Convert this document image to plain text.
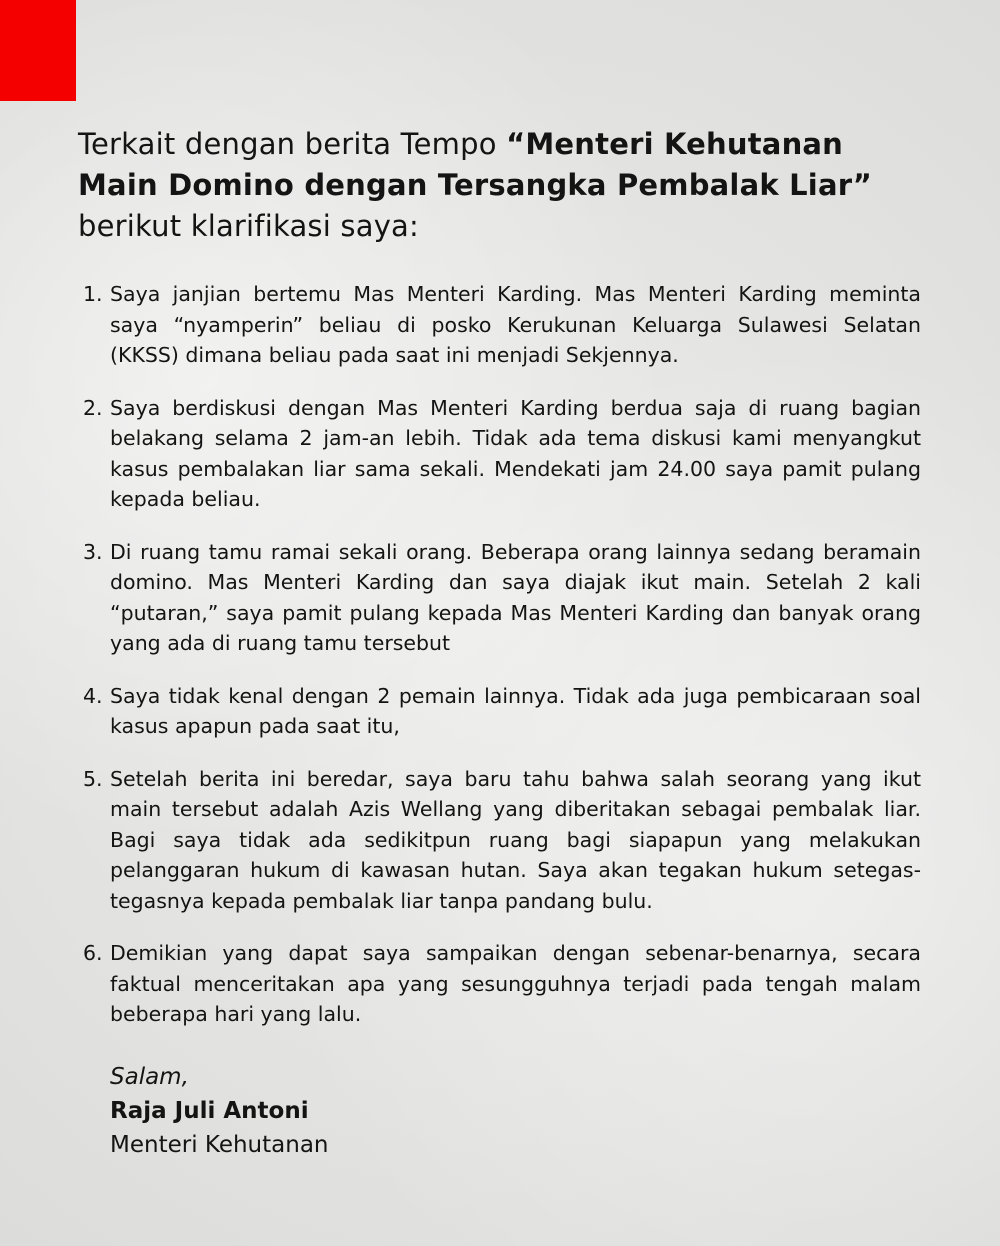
Terkait dengan berita Tempo “Menteri Kehutanan Main Domino dengan Tersangka Pembalak Liar” berikut klarifikasi saya:

1. Saya janjian bertemu Mas Menteri Karding. Mas Menteri Karding meminta saya “nyamperin” beliau di posko Kerukunan Keluarga Sulawesi Selatan (KKSS) dimana beliau pada saat ini menjadi Sekjennya.
2. Saya berdiskusi dengan Mas Menteri Karding berdua saja di ruang bagian belakang selama 2 jam-an lebih. Tidak ada tema diskusi kami menyangkut kasus pembalakan liar sama sekali. Mendekati jam 24.00 saya pamit pulang kepada beliau.
3. Di ruang tamu ramai sekali orang. Beberapa orang lainnya sedang beramain domino. Mas Menteri Karding dan saya diajak ikut main. Setelah 2 kali “putaran,” saya pamit pulang kepada Mas Menteri Karding dan banyak orang yang ada di ruang tamu tersebut
4. Saya tidak kenal dengan 2 pemain lainnya. Tidak ada juga pembicaraan soal kasus apapun pada saat itu,
5. Setelah berita ini beredar, saya baru tahu bahwa salah seorang yang ikut main tersebut adalah Azis Wellang yang diberitakan sebagai pembalak liar. Bagi saya tidak ada sedikitpun ruang bagi siapapun yang melakukan pelanggaran hukum di kawasan hutan. Saya akan tegakan hukum setegas-tegasnya kepada pembalak liar tanpa pandang bulu.
6. Demikian yang dapat saya sampaikan dengan sebenar-benarnya, secara faktual menceritakan apa yang sesungguhnya terjadi pada tengah malam beberapa hari yang lalu.
Salam,
Raja Juli Antoni
Menteri Kehutanan
